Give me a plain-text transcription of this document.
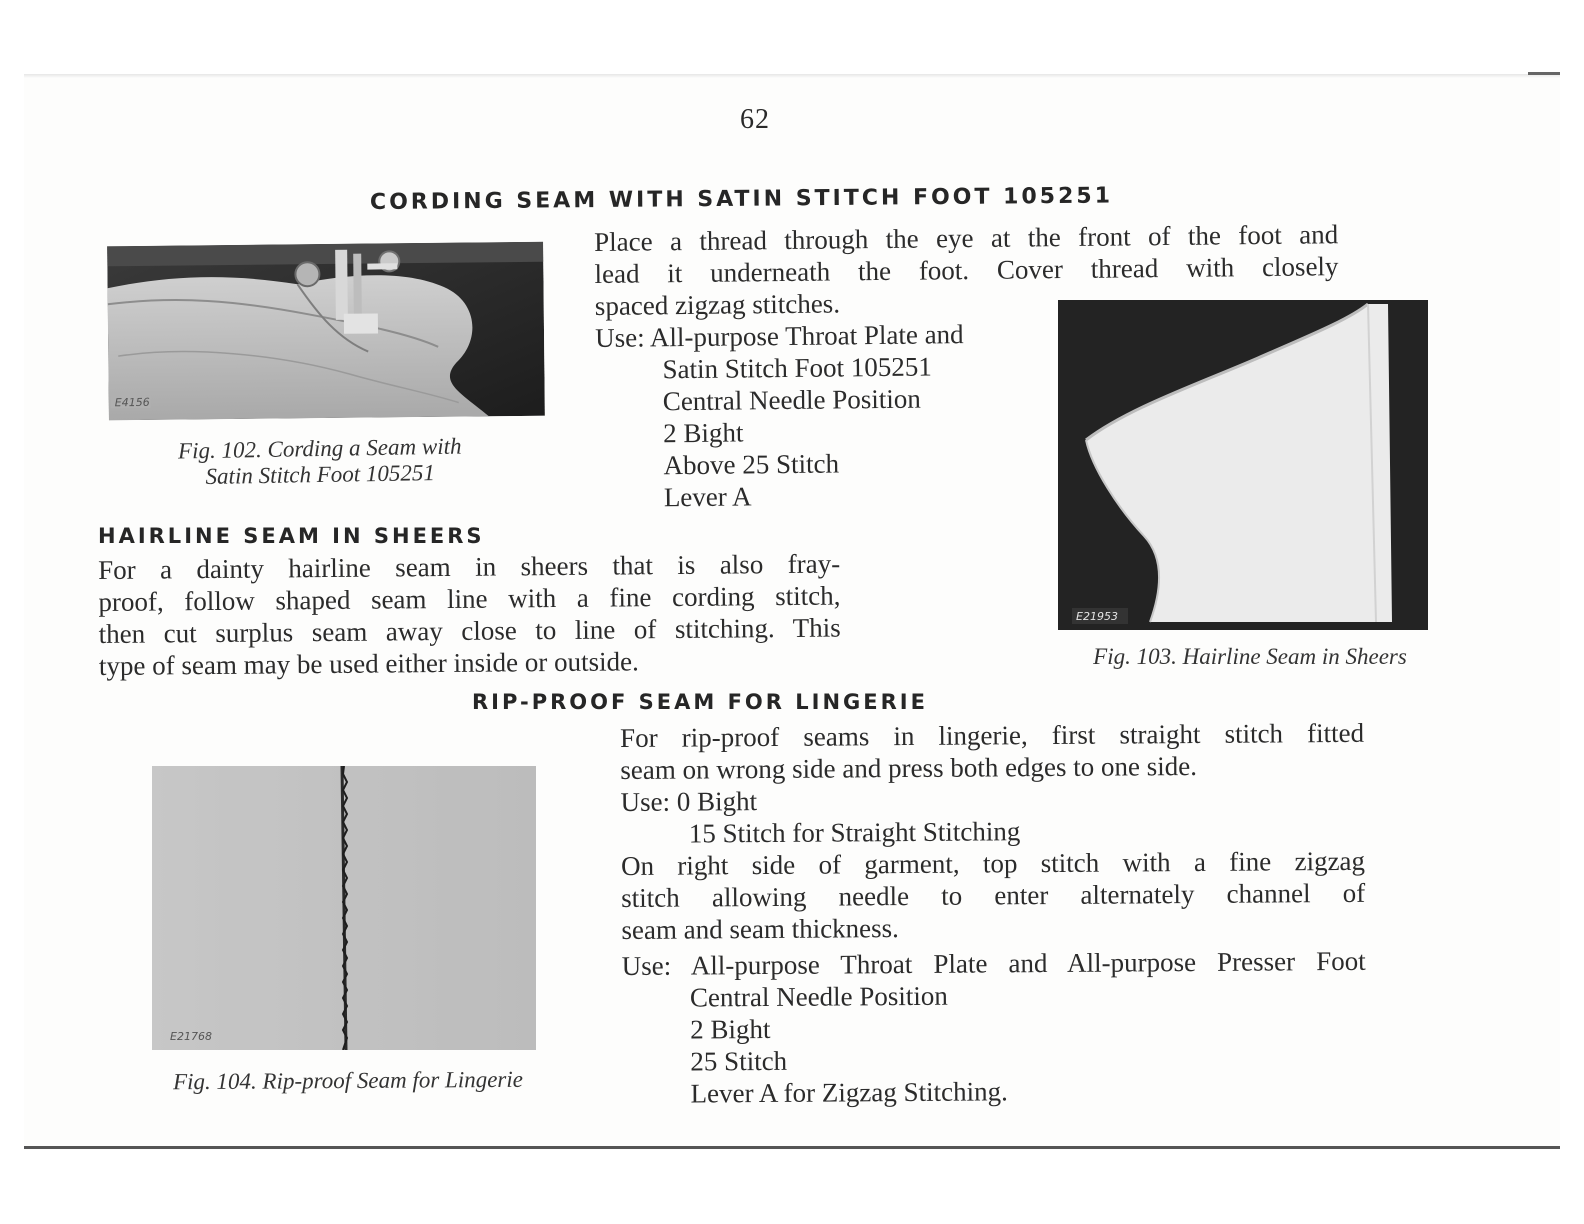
62
CORDING SEAM WITH SATIN STITCH FOOT 105251
Place a thread through the eye at the front of the foot and
lead it underneath the foot. Cover thread with closely
spaced zigzag stitches.
Use: All-purpose Throat Plate and
Satin Stitch Foot 105251
Central Needle Position
2 Bight
Above 25 Stitch
Lever A
E4156
Fig. 102. Cording a Seam with
Satin Stitch Foot 105251
E21953
Fig. 103. Hairline Seam in Sheers
HAIRLINE SEAM IN SHEERS
For a dainty hairline seam in sheers that is also fray-
proof, follow shaped seam line with a fine cording stitch,
then cut surplus seam away close to line of stitching. This
type of seam may be used either inside or outside.
RIP-PROOF SEAM FOR LINGERIE
For rip-proof seams in lingerie, first straight stitch fitted
seam on wrong side and press both edges to one side.
Use: 0 Bight
15 Stitch for Straight Stitching
On right side of garment, top stitch with a fine zigzag
stitch allowing needle to enter alternately channel of
seam and seam thickness.
Use: All-purpose Throat Plate and All-purpose Presser Foot
Central Needle Position
2 Bight
25 Stitch
Lever A for Zigzag Stitching.
E21768
Fig. 104. Rip-proof Seam for Lingerie
